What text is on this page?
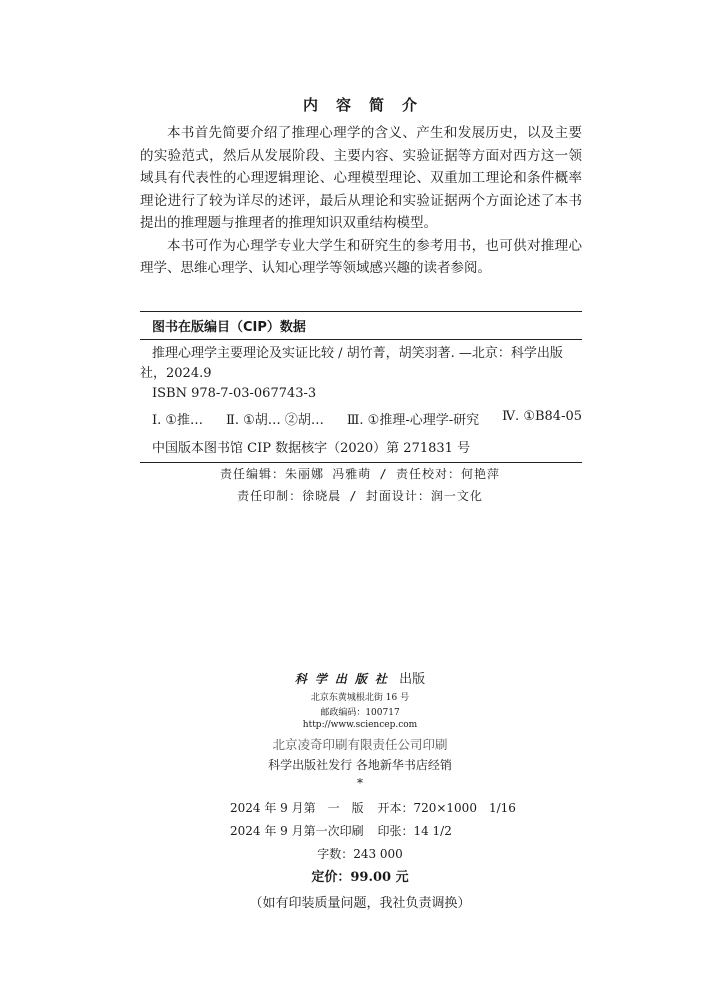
内容简介

本书首先简要介绍了推理心理学的含义、产生和发展历史，以及主要的实验范式，然后从发展阶段、主要内容、实验证据等方面对西方这一领域具有代表性的心理逻辑理论、心理模型理论、双重加工理论和条件概率理论进行了较为详尽的述评，最后从理论和实验证据两个方面论述了本书提出的推理题与推理者的推理知识双重结构模型。

本书可作为心理学专业大学生和研究生的参考用书，也可供对推理心理学、思维心理学、认知心理学等领域感兴趣的读者参阅。

图书在版编目（CIP）数据
推理心理学主要理论及实证比较 / 胡竹菁，胡笑羽著. —北京：科学出版社，2024.9
ISBN 978-7-03-067743-3
Ⅰ. ①推… Ⅱ. ①胡… ②胡… Ⅲ. ①推理-心理学-研究 Ⅳ. ①B84-05
中国版本图书馆 CIP 数据核字（2020）第 271831 号
责任编辑：朱丽娜 冯雅萌 / 责任校对：何艳萍
责任印制：徐晓晨 / 封面设计：润一文化
科学出版社 出版
北京东黄城根北街 16 号
邮政编码：100717
http://www.sciencep.com
北京凌奇印刷有限责任公司印刷
科学出版社发行 各地新华书店经销
*
2024 年 9 月第　一　版 开本：720×1000　1/16
2024 年 9 月第一次印刷 印张：14 1/2
字数：243 000
定价：99.00 元
（如有印装质量问题，我社负责调换）
